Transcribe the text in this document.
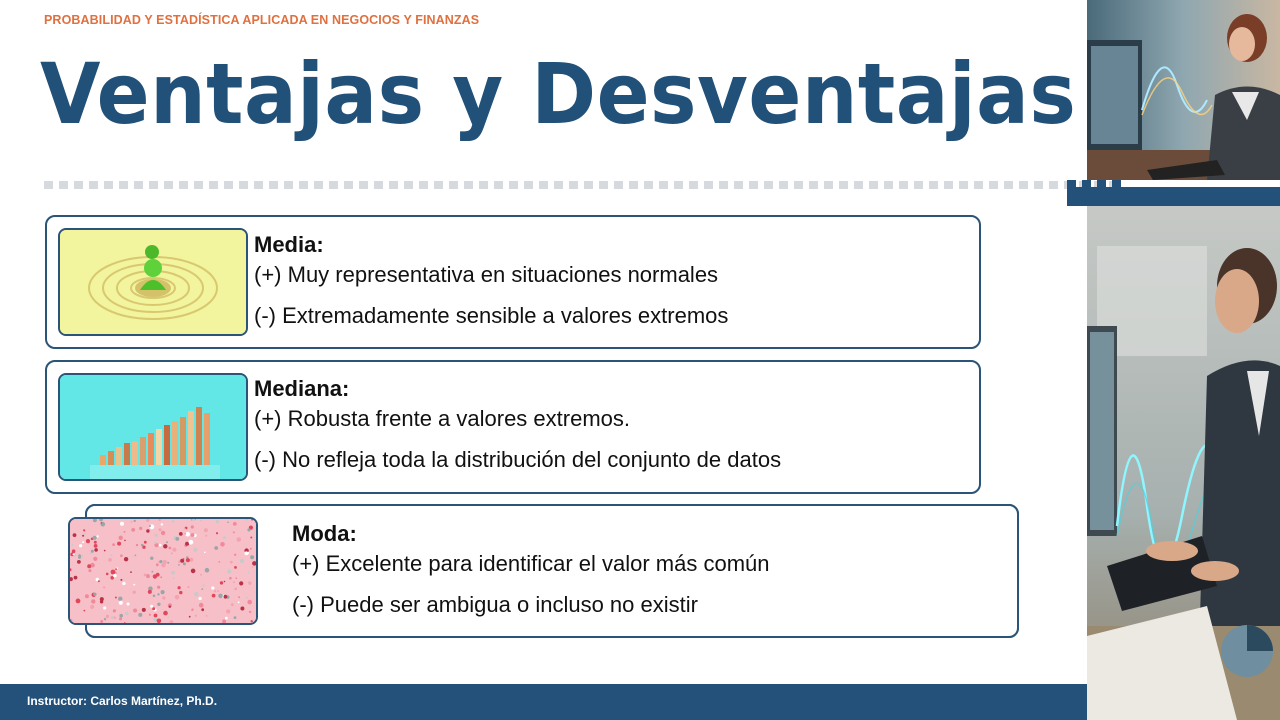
PROBABILIDAD Y ESTADÍSTICA APLICADA EN NEGOCIOS Y FINANZAS
Ventajas y Desventajas
Media:
(+) Muy representativa en situaciones normales
(-) Extremadamente sensible a valores extremos
Mediana:
(+) Robusta frente a valores extremos.
(-) No refleja toda la distribución del conjunto de datos
Moda:
(+) Excelente para identificar el valor más común
(-) Puede ser ambigua o incluso no existir
Instructor: Carlos Martínez, Ph.D.
